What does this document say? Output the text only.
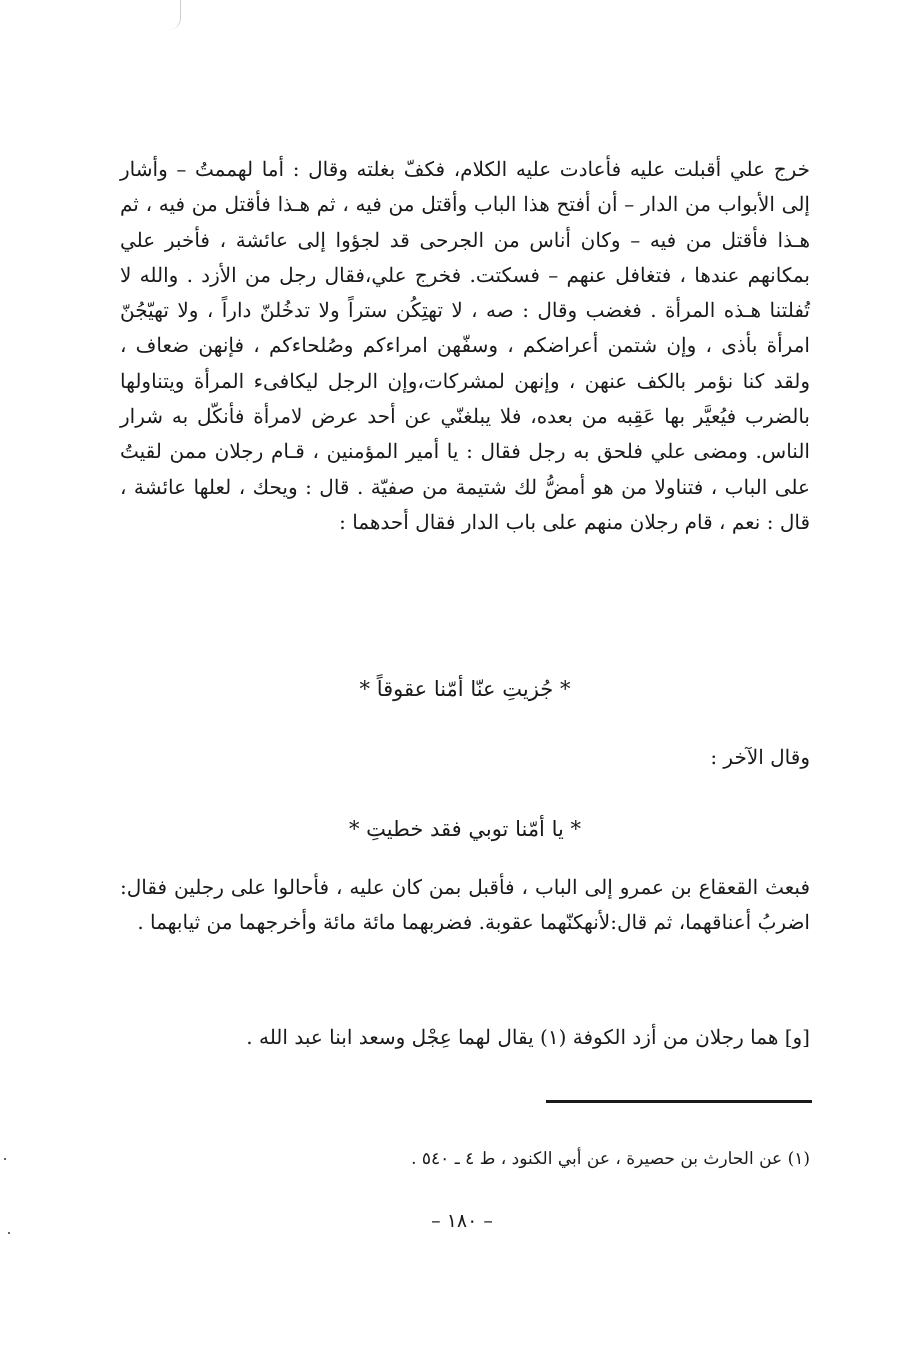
خرج علي أقبلت عليه فأعادت عليه الكلام، فكفّ بغلته وقال : أما لهممتُ – وأشار إلى الأبواب من الدار – أن أفتح هذا الباب وأقتل من فيه ، ثم هـذا فأقتل من فيه ، ثم هـذا فأقتل من فيه – وكان أناس من الجرحى قد لجؤوا إلى عائشة ، فأخبر علي بمكانهم عندها ، فتغافل عنهم – فسكتت. فخرج علي،فقال رجل من الأزد . والله لا تُفلتنا هـذه المرأة . فغضب وقال : صه ، لا تهتِكُن ستراً ولا تدخُلنّ داراً ، ولا تهيّجُنّ امرأة بأذى ، وإن شتمن أعراضكم ، وسفّهن امراءكم وصُلحاءكم ، فإنهن ضعاف ، ولقد كنا نؤمر بالكف عنهن ، وإنهن لمشركات،وإن الرجل ليكافىء المرأة ويتناولها بالضرب فيُعيَّر بها عَقِبه من بعده، فلا يبلغنّي عن أحد عرض لامرأة فأنكّل به شرار الناس. ومضى علي فلحق به رجل فقال : يا أمير المؤمنين ، قـام رجلان ممن لقيتُ على الباب ، فتناولا من هو أمضُّ لك شتيمة من صفيّة . قال : ويحك ، لعلها عائشة ، قال : نعم ، قام رجلان منهم على باب الدار فقال أحدهما :

* جُزيتِ عنّا أمّنا عقوقاً *
وقال الآخر :
* يا أمّنا توبي فقد خطيتِ *

فبعث القعقاع بن عمرو إلى الباب ، فأقبل بمن كان عليه ، فأحالوا على رجلين فقال: اضربُ أعناقهما، ثم قال:لأنهكنّهما عقوبة. فضربهما مائة مائة وأخرجهما من ثيابهما .

[و] هما رجلان من أزد الكوفة (١) يقال لهما عِجْل وسعد ابنا عبد الله .

(١) عن الحارث بن حصيرة ، عن أبي الكنود ، ط ٤ ـ ٥٤٠ .
– ١٨٠ –
